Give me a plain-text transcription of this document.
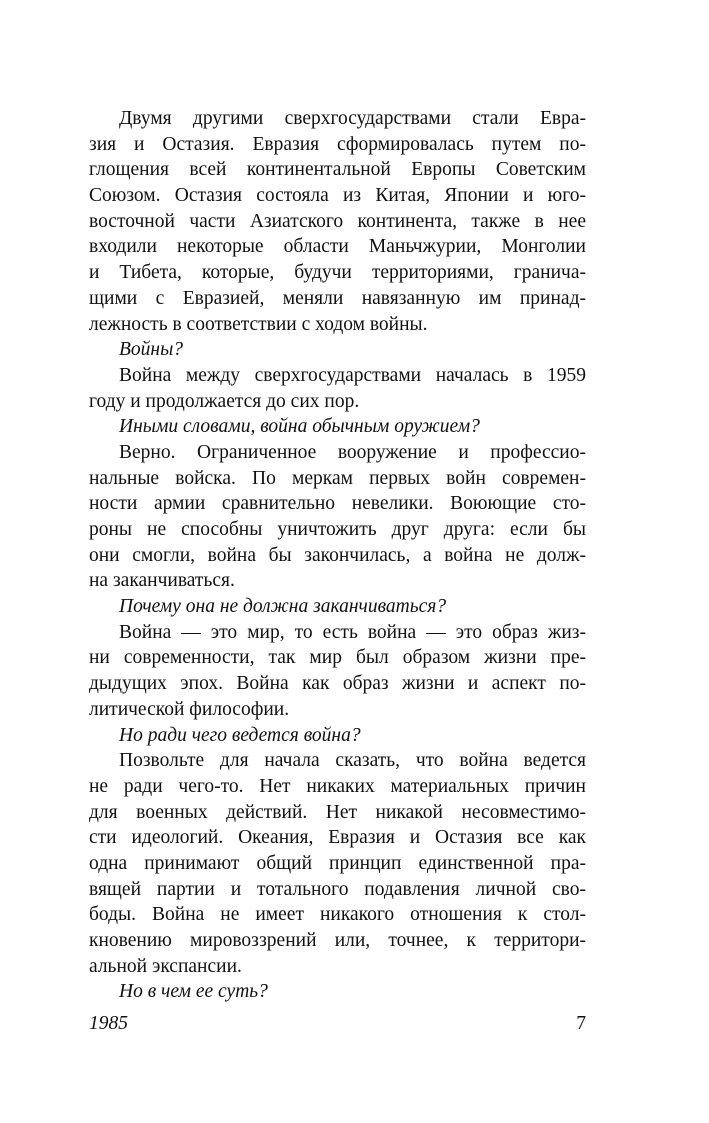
Двумя другими сверхгосударствами стали Евра-
зия и Остазия. Евразия сформировалась путем по-
глощения всей континентальной Европы Советским
Союзом. Остазия состояла из Китая, Японии и юго-
восточной части Азиатского континента, также в нее
входили некоторые области Маньчжурии, Монголии
и Тибета, которые, будучи территориями, гранича-
щими с Евразией, меняли навязанную им принад-
лежность в соответствии с ходом войны.
Войны?
Война между сверхгосударствами началась в 1959
году и продолжается до сих пор.
Иными словами, война обычным оружием?
Верно. Ограниченное вооружение и профессио-
нальные войска. По меркам первых войн современ-
ности армии сравнительно невелики. Воюющие сто-
роны не способны уничтожить друг друга: если бы
они смогли, война бы закончилась, а война не долж-
на заканчиваться.
Почему она не должна заканчиваться?
Война — это мир, то есть война — это образ жиз-
ни современности, так мир был образом жизни пре-
дыдущих эпох. Война как образ жизни и аспект по-
литической философии.
Но ради чего ведется война?
Позвольте для начала сказать, что война ведется
не ради чего-то. Нет никаких материальных причин
для военных действий. Нет никакой несовместимо-
сти идеологий. Океания, Евразия и Остазия все как
одна принимают общий принцип единственной пра-
вящей партии и тотального подавления личной сво-
боды. Война не имеет никакого отношения к стол-
кновению мировоззрений или, точнее, к территори-
альной экспансии.
Но в чем ее суть?
1985	7
